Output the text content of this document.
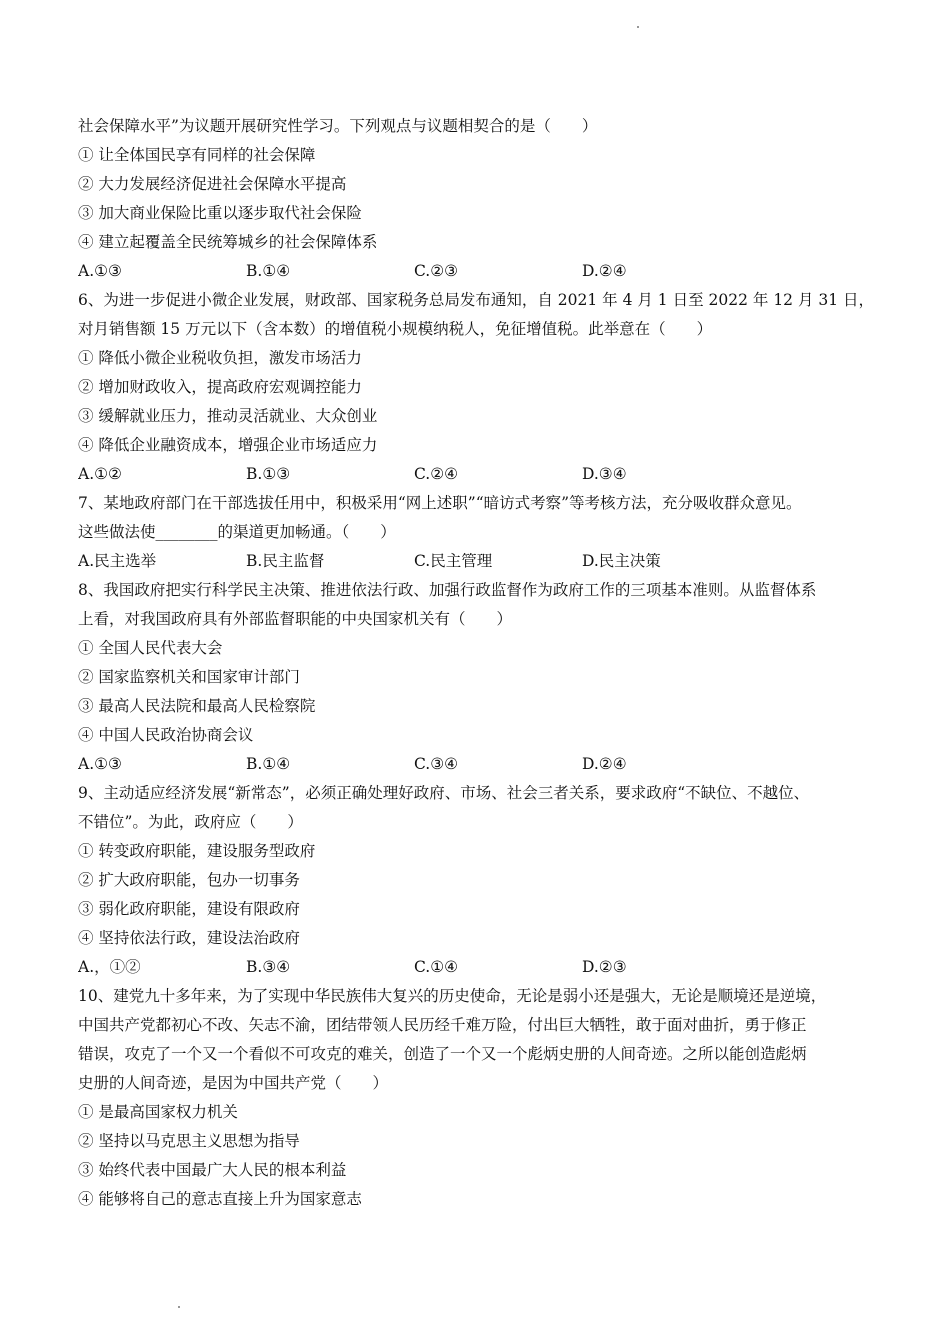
社会保障水平”为议题开展研究性学习。下列观点与议题相契合的是（　　）
① 让全体国民享有同样的社会保障
② 大力发展经济促进社会保障水平提高
③ 加大商业保险比重以逐步取代社会保险
④ 建立起覆盖全民统筹城乡的社会保障体系
A.①③	B.①④	C.②③	D.②④
6、为进一步促进小微企业发展，财政部、国家税务总局发布通知，自 2021 年 4 月 1 日至 2022 年 12 月 31 日，
对月销售额 15 万元以下（含本数）的增值税小规模纳税人，免征增值税。此举意在（　　）
① 降低小微企业税收负担，激发市场活力
② 增加财政收入，提高政府宏观调控能力
③ 缓解就业压力，推动灵活就业、大众创业
④ 降低企业融资成本，增强企业市场适应力
A.①②	B.①③	C.②④	D.③④
7、某地政府部门在干部选拔任用中，积极采用“网上述职”“暗访式考察”等考核方法，充分吸收群众意见。
这些做法使________的渠道更加畅通。（　　）
A.民主选举	B.民主监督	C.民主管理	D.民主决策
8、我国政府把实行科学民主决策、推进依法行政、加强行政监督作为政府工作的三项基本准则。从监督体系
上看，对我国政府具有外部监督职能的中央国家机关有（　　）
① 全国人民代表大会
② 国家监察机关和国家审计部门
③ 最高人民法院和最高人民检察院
④ 中国人民政治协商会议
A.①③	B.①④	C.③④	D.②④
9、主动适应经济发展“新常态”，必须正确处理好政府、市场、社会三者关系，要求政府“不缺位、不越位、
不错位”。为此，政府应（　　）
① 转变政府职能，建设服务型政府
② 扩大政府职能，包办一切事务
③ 弱化政府职能，建设有限政府
④ 坚持依法行政，建设法治政府
A.，①②	B.③④	C.①④	D.②③
10、建党九十多年来，为了实现中华民族伟大复兴的历史使命，无论是弱小还是强大，无论是顺境还是逆境，
中国共产党都初心不改、矢志不渝，团结带领人民历经千难万险，付出巨大牺牲，敢于面对曲折，勇于修正
错误，攻克了一个又一个看似不可攻克的难关，创造了一个又一个彪炳史册的人间奇迹。之所以能创造彪炳
史册的人间奇迹，是因为中国共产党（　　）
① 是最高国家权力机关
② 坚持以马克思主义思想为指导
③ 始终代表中国最广大人民的根本利益
④ 能够将自己的意志直接上升为国家意志
